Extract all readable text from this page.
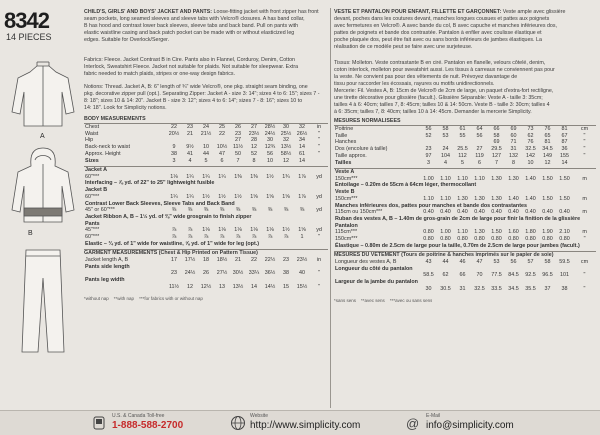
8342
14 PIECES
A
B
CHILD'S, GIRLS' AND BOYS' JACKET AND PANTS: Loose-fitting jacket with front zipper has front
seam pockets, long seamed sleeves and sleeve tabs with Velcro® closures. A has band collar,
B has hood and contrast lower back sleeves, sleeve tabs and back band. Pull on pants with
elastic waistline casing and back patch pocket can be made with or without elasticized leg
edges. Suitable for Overlock/Serger.
Fabrics: Fleece. Jacket Contrast B in Cire. Pants also in Flannel, Corduroy, Denim, Cotton
Interlock, Sweatshirt Fleece. Jacket not suitable for plaids. Not suitable for sleepwear. Extra
fabric needed to match plaids, stripes or one-way design fabrics.
Notions: Thread. Jacket A, B: 6" length of ¾" wide Velcro®, one pkg. straight seam binding, one
pkg. decorative zipper pull (opt.). Separating Zipper: Jacket A - size 3: 14"; sizes 4 to 6: 15"; sizes 7 -
8: 18"; sizes 10 & 14: 20". Jacket B - size 3: 12"; sizes 4 to 6: 14"; sizes 7 - 8: 16"; sizes 10 to
14: 18". Look for Simplicity notions.
BODY MEASUREMENTS
Chest	22	23	24	25	26	27	28½	30	32	in
Waist	20½	21	21½	22	23	23½	24½	25½	26½	"
Hip					27	28	30	32	34	"
Back-neck to waist	9	9½	10	10½	11½	12	12¾	13½	14	"
Approx. Height	38	41	44	47	50	52	56	58½	61	"
Sizes	3	4	5	6	7	8	10	12	14	
Jacket A										
60"***	1⅛	1¼	1¼	1¼	1⅜	1⅜	1½	1¾	1⅞	yd
Interfacing – ⅞ yd. of 22" to 25" lightweight fusible										
Jacket B										
60"***	1¼	1¼	1½	1½	1½	1⅝	1⅝	1⅝	1⅞	yd
Contrast Lower Back Sleeves, Sleeve Tabs and Back Band										
45" or 60"***	⅜	⅜	⅜	⅜	⅜	⅜	⅜	⅜	⅜	yd
Jacket Ribbon A, B – 1½ yd. of ⅜" wide grosgrain to finish zipper										
Pants										
45"***	⅞	⅞	1⅛	1⅛	1⅛	1⅛	1⅛	1½	1⅝	yd
60"***	⅞	⅞	⅞	⅞	⅞	⅞	⅞	⅞	1	"
Elastic – ¾ yd. of 1" wide for waistline, ⅝ yd. of 1" wide for leg (opt.)										
GARMENT MEASUREMENTS (Chest & Hip Printed on Pattern Tissue)
Jacket length A, B	17	17½	18	18½	21	22	22½	23	23½	in
Pants side length										
	23	24½	26	27½	30½	33¼	36½	38	40	"
Pants leg width										
	11½	12	12½	13	13½	14	14½	15	15½	"
*without nap **with nap ***for fabrics with or without nap
VESTE ET PANTALON POUR ENFANT, FILLETTE ET GARÇONNET: Veste ample avec glissière
devant, poches dans les coutures devant, manches longues cousues et pattes aux poignets
avec fermetures en Velcro®. A avec bande du col, B avec capuche et manches inférieures dos,
pattes de poignets et bande dos contrastée. Pantalon à enfiler avec coulisse élastique et
poche plaquée dos, peut être fait avec ou sans bords inférieurs de jambes élastiques. La
réalisation de ce modèle peut se faire avec une surjeteuse.
Tissus: Molleton. Veste contrastante B en ciré. Pantalon en flanelle, velours côtelé, denim,
coton interlock, molleton pour sweatshirt aussi. Les tissus à carreaux ne conviennent pas pour
la veste. Ne convient pas pour des vêtements de nuit. Prévoyez davantage de
tissu pour raccorder les écossais, rayures ou motifs unidirectionnels.
Mercerie: Fil. Vestes A, B: 15cm de Velcro® de 2cm de large, un paquet d'extra-fort rectiligne,
une tirette décorative pour glissière (facult.). Glissière Séparable: Veste A - taille 3: 35cm;
tailles 4 à 6: 40cm; tailles 7, 8: 45cm; tailles 10 & 14: 50cm. Veste B - taille 3: 30cm; tailles 4
à 6: 35cm; tailles 7, 8: 40cm; tailles 10 à 14: 45cm. Demander la mercerie Simplicity.
MESURES NORMALISÉES
Poitrine	56	58	61	64	66	69	73	76	81	cm
Taille	52	53	55	56	58	60	62	65	67	"
Hanches					69	71	76	81	87	"
Dos (encolure à taille)	23	24	25.5	27	29.5	31	32.5	34.5	36	"
Taille approx.	97	104	112	119	127	132	142	149	155	"
Tailles	3	4	5	6	7	8	10	12	14	
Veste A										
150cm***	1.00	1.10	1.10	1.10	1.30	1.30	1.40	1.50	1.50	m
Entoilage – 0.20m de 55cm à 64cm léger, thermocollant										
Veste B										
150cm***	1.10	1.10	1.30	1.30	1.30	1.40	1.40	1.50	1.50	m
Manches inférieures dos, pattes pour manches et bande dos contrastantes										
115cm ou 150cm***	0.40	0.40	0.40	0.40	0.40	0.40	0.40	0.40	0.40	m
Ruban des vestes A, B – 1.40m de gros-grain de 2cm de large pour finir la finition de la glissière										
Pantalon										
115cm***	0.80	1.00	1.10	1.30	1.50	1.60	1.80	1.90	2.10	m
150cm***	0.80	0.80	0.80	0.80	0.80	0.80	0.80	0.80	0.80	"
Élastique – 0.80m de 2.5cm de large pour la taille, 0.70m de 2.5cm de large pour jambes (facult.)										
MESURES DU VÊTEMENT (Tours de poitrine & hanches imprimés sur le papier de soie)
Longueur des vestes A, B	43	44	46	47	53	56	57	58	59.5	cm
Longueur du côté du pantalon										
	58.5	62	66	70	77.5	84.5	92.5	96.5	101	"
Largeur de la jambe du pantalon										
	30	30.5	31	32.5	33.5	34.5	35.5	37	38	"
*sans sens **avec sens ***avec ou sans sens
U.S. & Canada Toll-free
1-888-588-2700
Website
http://www.simplicity.com	@ E-Mail
info@simplicity.com
